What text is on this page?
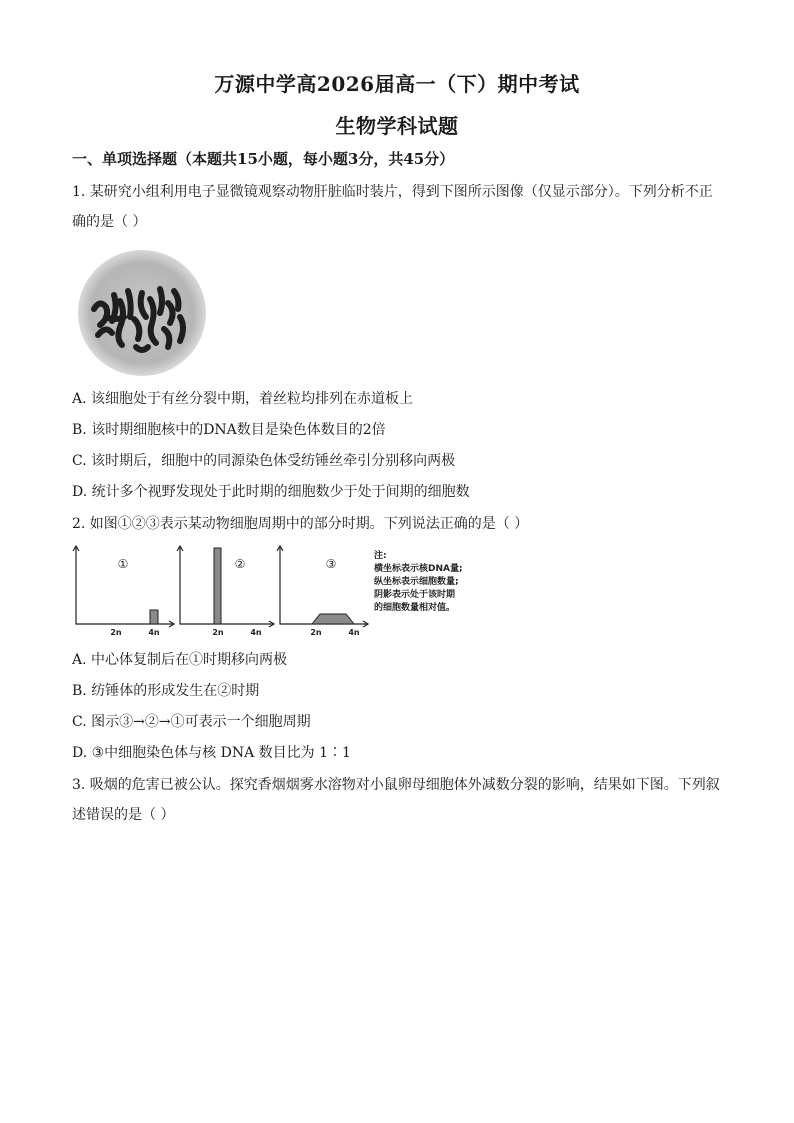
万源中学高2026届高一（下）期中考试
生物学科试题
一、单项选择题（本题共15小题，每小题3分，共45分）
1. 某研究小组利用电子显微镜观察动物肝脏临时装片，得到下图所示图像（仅显示部分）。下列分析不正
确的是（ ）
A. 该细胞处于有丝分裂中期，着丝粒均排列在赤道板上
B. 该时期细胞核中的DNA数目是染色体数目的2倍
C. 该时期后，细胞中的同源染色体受纺锤丝牵引分别移向两极
D. 统计多个视野发现处于此时期的细胞数少于处于间期的细胞数
2. 如图①②③表示某动物细胞周期中的部分时期。下列说法正确的是（ ）
①	②	③
2n	4n	2n	4n	2n	4n
注:
横坐标表示核DNA量;
纵坐标表示细胞数量;
阴影表示处于该时期
的细胞数量相对值。
A. 中心体复制后在①时期移向两极
B. 纺锤体的形成发生在②时期
C. 图示③→②→①可表示一个细胞周期
D. ③中细胞染色体与核 DNA 数目比为 1∶1
3. 吸烟的危害已被公认。探究香烟烟雾水溶物对小鼠卵母细胞体外减数分裂的影响，结果如下图。下列叙
述错误的是（ ）
